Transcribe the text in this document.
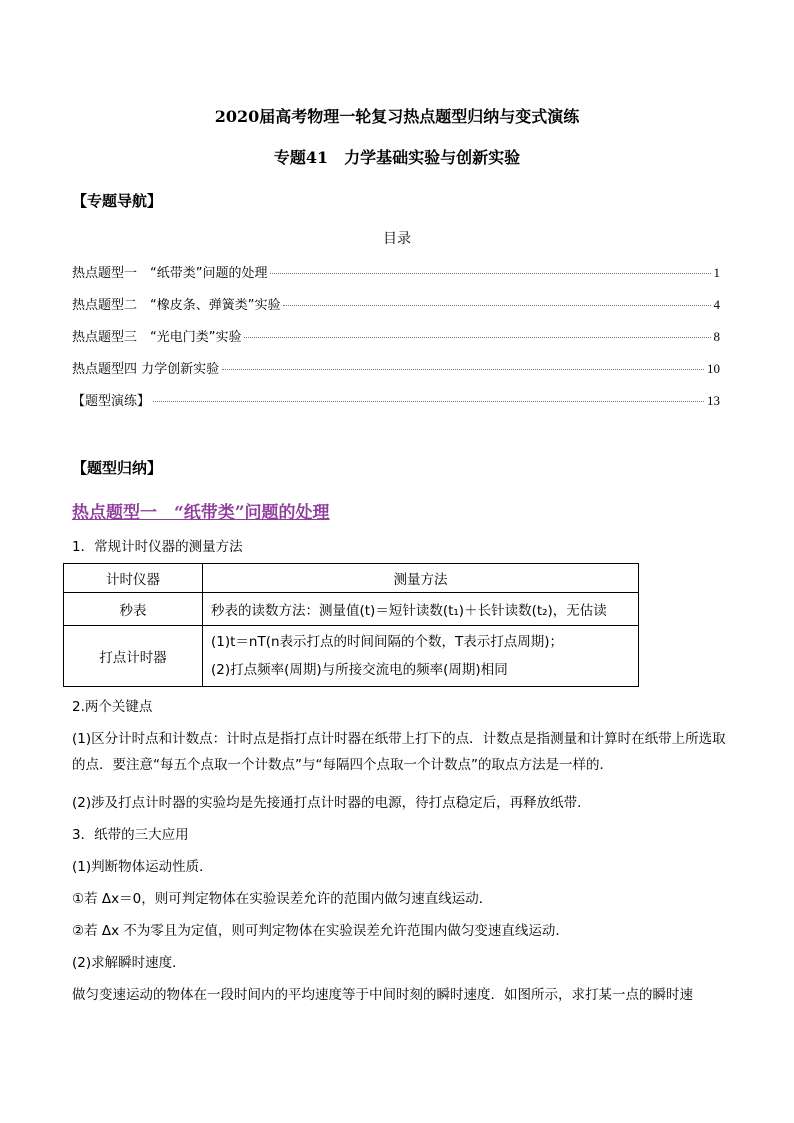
2020届高考物理一轮复习热点题型归纳与变式演练
专题41　力学基础实验与创新实验
【专题导航】
目录
热点题型一　“纸带类”问题的处理	1
热点题型二　“橡皮条、弹簧类”实验	4
热点题型三　“光电门类”实验	8
热点题型四 力学创新实验	10
【题型演练】	13
【题型归纳】
热点题型一　“纸带类”问题的处理
1．常规计时仪器的测量方法
计时仪器	测量方法
秒表	秒表的读数方法：测量值(t)＝短针读数(t₁)＋长针读数(t₂)，无估读
打点计时器	(1)t＝nT(n表示打点的时间间隔的个数，T表示打点周期)；
(2)打点频率(周期)与所接交流电的频率(周期)相同
2.两个关键点
(1)区分计时点和计数点：计时点是指打点计时器在纸带上打下的点．计数点是指测量和计算时在纸带上所选取的点．要注意“每五个点取一个计数点”与“每隔四个点取一个计数点”的取点方法是一样的．
(2)涉及打点计时器的实验均是先接通打点计时器的电源，待打点稳定后，再释放纸带．
3．纸带的三大应用
(1)判断物体运动性质．
①若 Δx＝0，则可判定物体在实验误差允许的范围内做匀速直线运动．
②若 Δx 不为零且为定值，则可判定物体在实验误差允许范围内做匀变速直线运动．
(2)求解瞬时速度．
做匀变速运动的物体在一段时间内的平均速度等于中间时刻的瞬时速度．如图所示，求打某一点的瞬时速
